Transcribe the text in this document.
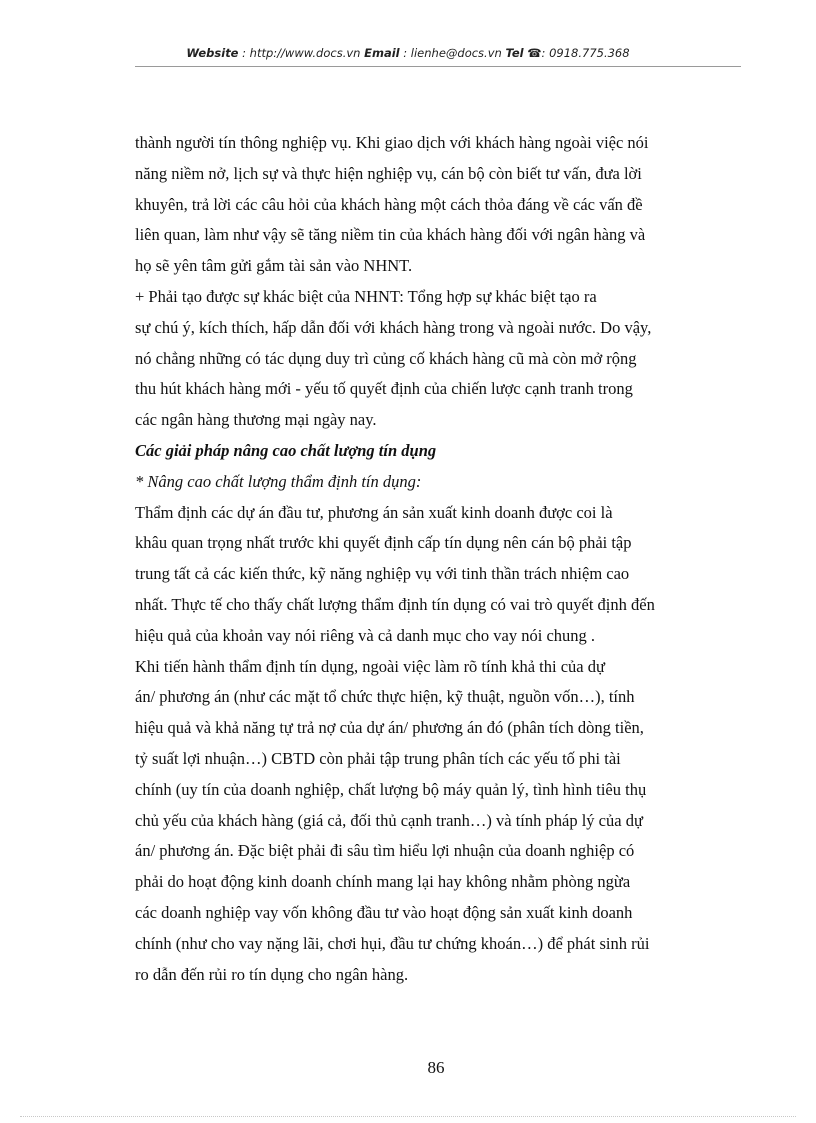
Website : http://www.docs.vn Email : lienhe@docs.vn Tel ☎: 0918.775.368
thành người tín thông nghiệp vụ. Khi giao dịch với khách hàng ngoài việc nói
năng niềm nở, lịch sự và thực hiện nghiệp vụ, cán bộ còn biết tư vấn, đưa lời
khuyên, trả lời các câu hỏi của khách hàng một cách thỏa đáng về các vấn đề
liên quan, làm như vậy sẽ tăng niềm tin của khách hàng đối với ngân hàng và
họ sẽ yên tâm gửi gắm tài sản vào NHNT.
+ Phải tạo được sự khác biệt của NHNT: Tổng hợp sự khác biệt tạo ra
sự chú ý, kích thích, hấp dẫn đối với khách hàng trong và ngoài nước. Do vậy,
nó chẳng những có tác dụng duy trì củng cố khách hàng cũ mà còn mở rộng
thu hút khách hàng mới - yếu tố quyết định của chiến lược cạnh tranh trong
các ngân hàng thương mại ngày nay.
Các giải pháp nâng cao chất lượng tín dụng
* Nâng cao chất lượng thẩm định tín dụng:
Thẩm định các dự án đầu tư, phương án sản xuất kinh doanh được coi là
khâu quan trọng nhất trước khi quyết định cấp tín dụng nên cán bộ phải tập
trung tất cả các kiến thức, kỹ năng nghiệp vụ với tinh thần trách nhiệm cao
nhất. Thực tế cho thấy chất lượng thẩm định tín dụng có vai trò quyết định đến
hiệu quả của khoản vay nói riêng và cả danh mục cho vay nói chung .
Khi tiến hành thẩm định tín dụng, ngoài việc làm rõ tính khả thi của dự
án/ phương án (như các mặt tổ chức thực hiện, kỹ thuật, nguồn vốn…), tính
hiệu quả và khả năng tự trả nợ của dự án/ phương án đó (phân tích dòng tiền,
tỷ suất lợi nhuận…) CBTD còn phải tập trung phân tích các yếu tố phi tài
chính (uy tín của doanh nghiệp, chất lượng bộ máy quản lý, tình hình tiêu thụ
chủ yếu của khách hàng (giá cả, đối thủ cạnh tranh…) và tính pháp lý của dự
án/ phương án. Đặc biệt phải đi sâu tìm hiểu lợi nhuận của doanh nghiệp có
phải do hoạt động kinh doanh chính mang lại hay không nhằm phòng ngừa
các doanh nghiệp vay vốn không đầu tư vào hoạt động sản xuất kinh doanh
chính (như cho vay nặng lãi, chơi hụi, đầu tư chứng khoán…) để phát sinh rủi
ro dẫn đến rủi ro tín dụng cho ngân hàng.
86
